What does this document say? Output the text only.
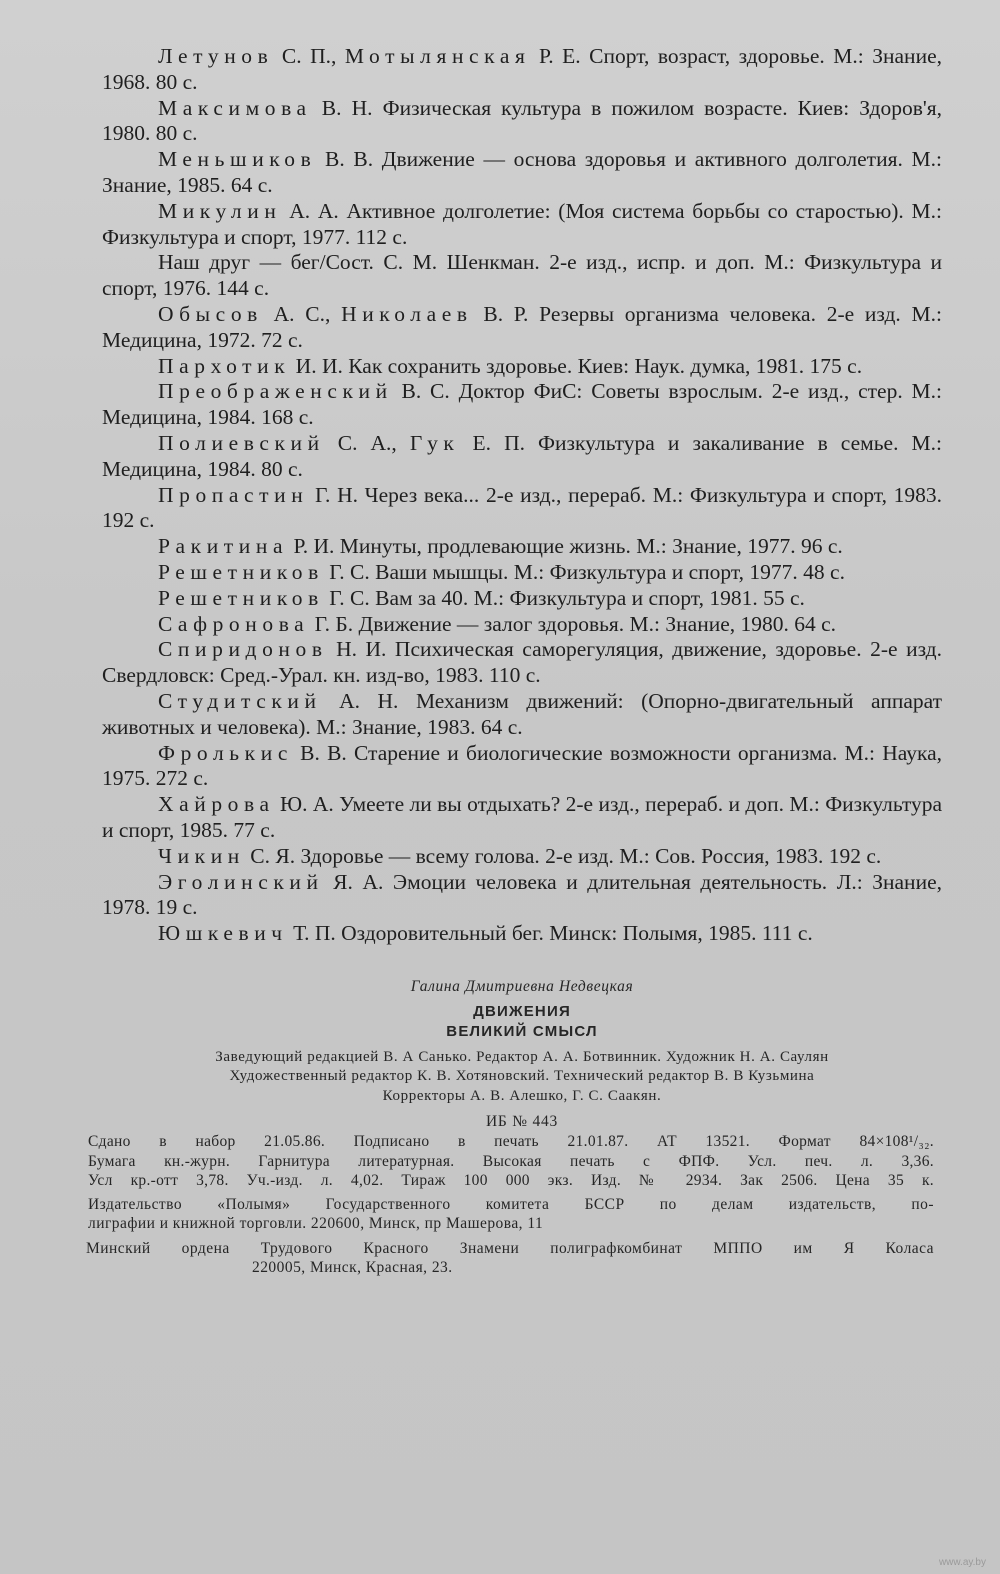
Летунов С. П., Мотылянская Р. Е. Спорт, возраст, здоровье. М.: Знание, 1968. 80 с.
Максимова В. Н. Физическая культура в пожилом возрасте. Киев: Здоров'я, 1980. 80 с.
Меньшиков В. В. Движение — основа здоровья и активного долголетия. М.: Знание, 1985. 64 с.
Микулин А. А. Активное долголетие: (Моя система борьбы со старостью). М.: Физкультура и спорт, 1977. 112 с.
Наш друг — бег/Сост. С. М. Шенкман. 2-е изд., испр. и доп. М.: Физкультура и спорт, 1976. 144 с.
Обысов А. С., Николаев В. Р. Резервы организма человека. 2-е изд. М.: Медицина, 1972. 72 с.
Пархотик И. И. Как сохранить здоровье. Киев: Наук. думка, 1981. 175 с.
Преображенский В. С. Доктор ФиС: Советы взрослым. 2-е изд., стер. М.: Медицина, 1984. 168 с.
Полиевский С. А., Гук Е. П. Физкультура и закаливание в семье. М.: Медицина, 1984. 80 с.
Пропастин Г. Н. Через века... 2-е изд., перераб. М.: Физкультура и спорт, 1983. 192 с.
Ракитина Р. И. Минуты, продлевающие жизнь. М.: Знание, 1977. 96 с.
Решетников Г. С. Ваши мышцы. М.: Физкультура и спорт, 1977. 48 с.
Решетников Г. С. Вам за 40. М.: Физкультура и спорт, 1981. 55 с.
Сафронова Г. Б. Движение — залог здоровья. М.: Знание, 1980. 64 с.
Спиридонов Н. И. Психическая саморегуляция, движение, здоровье. 2-е изд. Свердловск: Сред.-Урал. кн. изд-во, 1983. 110 с.
Студитский А. Н. Механизм движений: (Опорно-двигательный аппарат животных и человека). М.: Знание, 1983. 64 с.
Фролькис В. В. Старение и биологические возможности организма. М.: Наука, 1975. 272 с.
Хайрова Ю. А. Умеете ли вы отдыхать? 2-е изд., перераб. и доп. М.: Физкультура и спорт, 1985. 77 с.
Чикин С. Я. Здоровье — всему голова. 2-е изд. М.: Сов. Россия, 1983. 192 с.
Эголинский Я. А. Эмоции человека и длительная деятельность. Л.: Знание, 1978. 19 с.
Юшкевич Т. П. Оздоровительный бег. Минск: Полымя, 1985. 111 с.
Галина Дмитриевна Недвецкая
ДВИЖЕНИЯ
ВЕЛИКИЙ СМЫСЛ
Заведующий редакцией В. А Санько. Редактор А. А. Ботвинник. Художник Н. А. Саулян
Художественный редактор К. В. Хотяновский. Технический редактор В. В Кузьмина
Корректоры А. В. Алешко, Г. С. Саакян.
ИБ № 443
Сдано в набор 21.05.86. Подписано в печать 21.01.87. АТ 13521. Формат 84×108¹/₃₂.
Бумага кн.-журн. Гарнитура литературная. Высокая печать с ФПФ. Усл. печ. л. 3,36.
Усл кр.-отт 3,78. Уч.-изд. л. 4,02. Тираж 100 000 экз. Изд. № 2934. Зак 2506. Цена 35 к.
Издательство «Полымя» Государственного комитета БССР по делам издательств, по-
лиграфии и книжной торговли. 220600, Минск, пр Машерова, 11
Минский ордена Трудового Красного Знамени полиграфкомбинат МППО им Я Коласа
220005, Минск, Красная, 23.
www.ay.by
